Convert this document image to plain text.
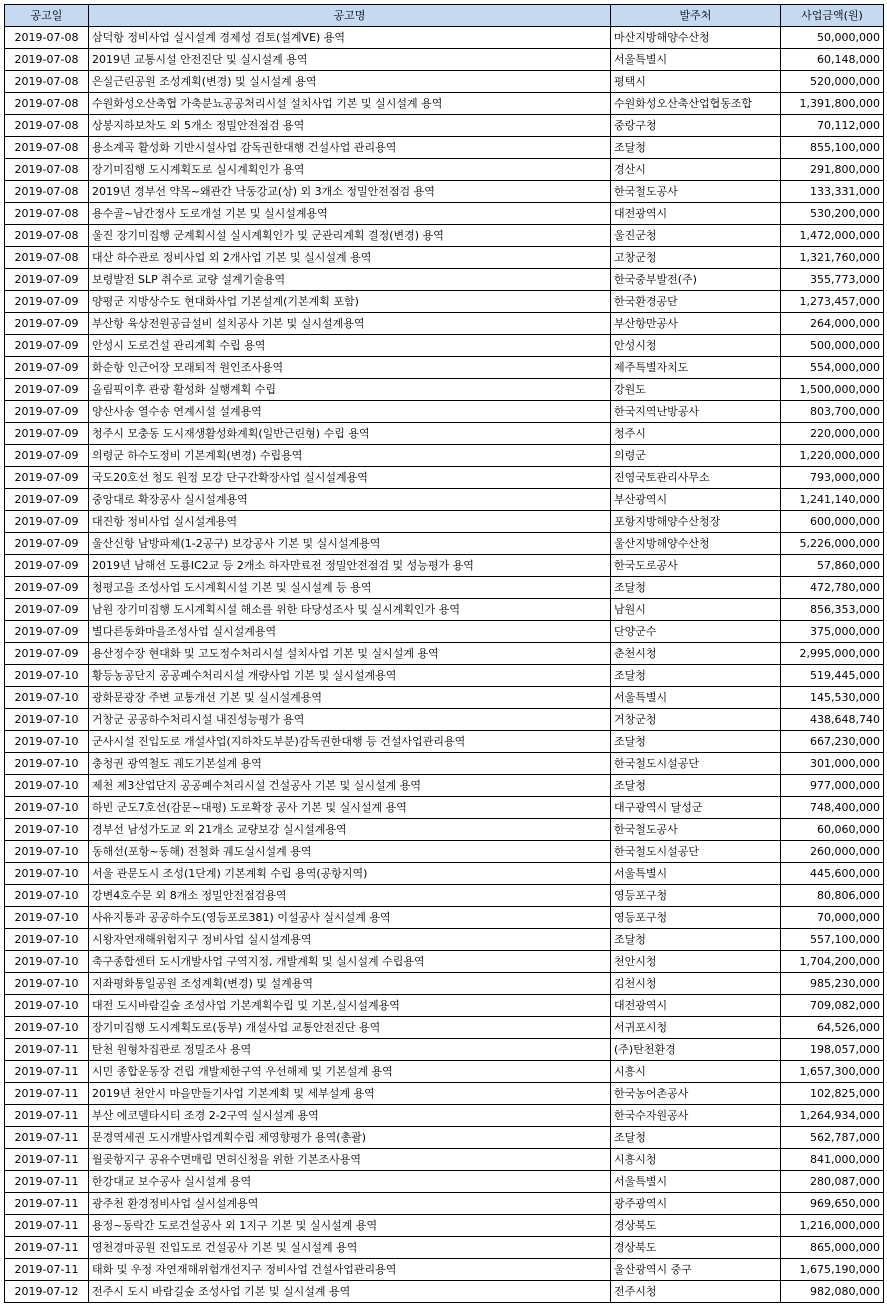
공고일	공고명	발주처	사업금액(원)
2019-07-08	삼덕항 정비사업 실시설계 경제성 검토(설계VE) 용역	마산지방해양수산청	50,000,000
2019-07-08	2019년 교통시설 안전진단 및 실시설계 용역	서울특별시	60,148,000
2019-07-08	은실근린공원 조성계획(변경) 및 실시설계 용역	평택시	520,000,000
2019-07-08	수원화성오산축협 가축분뇨공공처리시설 설치사업 기본 및 실시설계 용역	수원화성오산축산업협동조합	1,391,800,000
2019-07-08	상봉지하보차도 외 5개소 정밀안전점검 용역	중랑구청	70,112,000
2019-07-08	용소계곡 활성화 기반시설사업 감독권한대행 건설사업 관리용역	조달청	855,100,000
2019-07-08	장기미집행 도시계획도로 실시계획인가 용역	경산시	291,800,000
2019-07-08	2019년 경부선 약목~왜관간 낙동강교(상) 외 3개소 정밀안전점검 용역	한국철도공사	133,331,000
2019-07-08	용수골~남간정사 도로개설 기본 및 실시설계용역	대전광역시	530,200,000
2019-07-08	울진 장기미집행 군계획시설 실시계획인가 및 군관리계획 결정(변경) 용역	울진군청	1,472,000,000
2019-07-08	대산 하수관로 정비사업 외 2개사업 기본 및 실시설계 용역	고창군청	1,321,760,000
2019-07-09	보령발전 SLP 취수로 교량 설계기술용역	한국중부발전(주)	355,773,000
2019-07-09	양평군 지방상수도 현대화사업 기본설계(기본계획 포함)	한국환경공단	1,273,457,000
2019-07-09	부산항 육상전원공급설비 설치공사 기본 및 실시설계용역	부산항만공사	264,000,000
2019-07-09	안성시 도로건설 관리계획 수립 용역	안성시청	500,000,000
2019-07-09	화순항 인근어장 모래퇴적 원인조사용역	제주특별자치도	554,000,000
2019-07-09	올림픽이후 관광 활성화 실행계획 수립	강원도	1,500,000,000
2019-07-09	양산사송 열수송 연계시설 설계용역	한국지역난방공사	803,700,000
2019-07-09	청주시 모충동 도시재생활성화계획(일반근린형) 수립 용역	청주시	220,000,000
2019-07-09	의령군 하수도정비 기본계획(변경) 수립용역	의령군	1,220,000,000
2019-07-09	국도20호선 청도 원정 모강 단구간확장사업 실시설계용역	진영국토관리사무소	793,000,000
2019-07-09	중앙대로 확장공사 실시설계용역	부산광역시	1,241,140,000
2019-07-09	대진항 정비사업 실시설계용역	포항지방해양수산청장	600,000,000
2019-07-09	울산신항 남방파제(1-2공구) 보강공사 기본 및 실시설계용역	울산지방해양수산청	5,226,000,000
2019-07-09	2019년 남해선 도룡IC2교 등 2개소 하자만료전 정밀안전점검 및 성능평가 용역	한국도로공사	57,860,000
2019-07-09	청평고을 조성사업 도시계획시설 기본 및 실시설계 등 용역	조달청	472,780,000
2019-07-09	남원 장기미집행 도시계획시설 해소를 위한 타당성조사 및 실시계획인가 용역	남원시	856,353,000
2019-07-09	별다른동화마을조성사업 실시설계용역	단양군수	375,000,000
2019-07-09	용산정수장 현대화 및 고도정수처리시설 설치사업 기본 및 실시설계 용역	춘천시청	2,995,000,000
2019-07-10	황등농공단지 공공폐수처리시설 개량사업 기본 및 실시설계용역	조달청	519,445,000
2019-07-10	광화문광장 주변 교통개선 기본 및 실시설계용역	서울특별시	145,530,000
2019-07-10	거창군 공공하수처리시설 내진성능평가 용역	거창군청	438,648,740
2019-07-10	군사시설 진입도로 개설사업(지하차도부분)감독권한대행 등 건설사업관리용역	조달청	667,230,000
2019-07-10	충청권 광역철도 궤도기본설계 용역	한국철도시설공단	301,000,000
2019-07-10	제천 제3산업단지 공공폐수처리시설 건설공사 기본 및 실시설계 용역	조달청	977,000,000
2019-07-10	하빈 군도7호선(감문~대평) 도로확장 공사 기본 및 실시설계 용역	대구광역시 달성군	748,400,000
2019-07-10	경부선 남성가도교 외 21개소 교량보강 실시설계용역	한국철도공사	60,060,000
2019-07-10	동해선(포항~동해) 전철화 궤도실시설계 용역	한국철도시설공단	260,000,000
2019-07-10	서울 관문도시 조성(1단계) 기본계획 수립 용역(공항지역)	서울특별시	445,600,000
2019-07-10	강변4호수문 외 8개소 정밀안전점검용역	영등포구청	80,806,000
2019-07-10	사유지통과 공공하수도(영등포로381) 이설공사 실시설계 용역	영등포구청	70,000,000
2019-07-10	시왕자연재해위험지구 정비사업 실시설계용역	조달청	557,100,000
2019-07-10	축구종합센터 도시개발사업 구역지정, 개발계획 및 실시설계 수립용역	천안시청	1,704,200,000
2019-07-10	지좌평화통일공원 조성계획(변경) 및 설계용역	김천시청	985,230,000
2019-07-10	대전 도시바람길숲 조성사업 기본계획수립 및 기본,실시설계용역	대전광역시	709,082,000
2019-07-10	장기미집행 도시계획도로(동부) 개설사업 교통안전진단 용역	서귀포시청	64,526,000
2019-07-11	탄천 원형차집관로 정밀조사 용역	(주)탄천환경	198,057,000
2019-07-11	시민 종합운동장 건립 개발제한구역 우선해제 및 기본설계 용역	시흥시	1,657,300,000
2019-07-11	2019년 천안시 마을만들기사업 기본계획 및 세부설계 용역	한국농어촌공사	102,825,000
2019-07-11	부산 에코델타시티 조경 2-2구역 실시설계 용역	한국수자원공사	1,264,934,000
2019-07-11	문경역세권 도시개발사업계획수립 제영향평가 용역(총괄)	조달청	562,787,000
2019-07-11	월곶항지구 공유수면매립 면허신청을 위한 기본조사용역	시흥시청	841,000,000
2019-07-11	한강대교 보수공사 실시설계 용역	서울특별시	280,087,000
2019-07-11	광주천 환경정비사업 실시설계용역	광주광역시	969,650,000
2019-07-11	용정~동락간 도로건설공사 외 1지구 기본 및 실시설계 용역	경상북도	1,216,000,000
2019-07-11	영천경마공원 진입도로 건설공사 기본 및 실시설계 용역	경상북도	865,000,000
2019-07-11	태화 및 우정 자연재해위험개선지구 정비사업 건설사업관리용역	울산광역시 중구	1,675,190,000
2019-07-12	전주시 도시 바람길숲 조성사업 기본 및 실시설계 용역	전주시청	982,080,000
